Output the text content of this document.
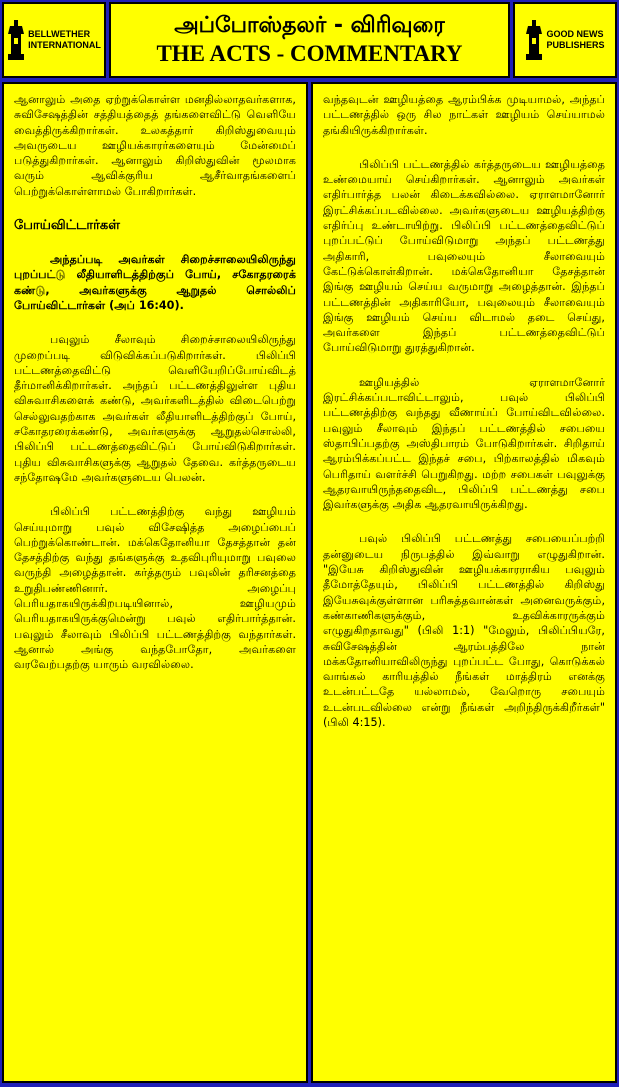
BELLWETHER
INTERNATIONAL
அப்போஸ்தலர் - விரிவுரை
THE ACTS - COMMENTARY
GOOD NEWS
PUBLISHERS

ஆனாலும் அதை ஏற்றுக்கொள்ள மனதில்லாதவர்களாக, சுவிசேஷத்தின் சத்தியத்தைத் தங்களைவிட்டு வெளியே வைத்திருக்கிறார்கள். உலகத்தார் கிறிஸ்துவையும் அவருடைய ஊழியக்காரர்களையும் மேன்மைப் படுத்துகிறார்கள். ஆனாலும் கிறிஸ்துவின் மூலமாக வரும் ஆவிக்குரிய ஆசீர்வாதங்களைப் பெற்றுக்கொள்ளாமல் போகிறார்கள்.

போய்விட்டார்கள்

அந்தப்படி அவர்கள் சிறைச்சாலையிலிருந்து புறப்பட்டு லீதியாளிடத்திற்குப் போய், சகோதரரைக் கண்டு, அவர்களுக்கு ஆறுதல் சொல்லிப் போய்விட்டார்கள் (அப் 16:40).

பவுலும் சீலாவும் சிறைச்சாலையிலிருந்து முறைப்படி விடுவிக்கப்படுகிறார்கள். பிலிப்பி பட்டணத்தைவிட்டு வெளியேறிப்போய்விடத் தீர்மானிக்கிறார்கள். அந்தப் பட்டணத்திலுள்ள புதிய விசுவாசிகளைக் கண்டு, அவர்களிடத்தில் விடைபெற்று செல்லுவதற்காக அவர்கள் லீதியாளிடத்திற்குப் போய், சகோதரரைக்கண்டு, அவர்களுக்கு ஆறுதல்சொல்லி, பிலிப்பி பட்டணத்தைவிட்டுப் போய்விடுகிறார்கள். புதிய விசுவாசிகளுக்கு ஆறுதல் தேவை. கர்த்தருடைய சந்தோஷமே அவர்களுடைய பெலன்.

பிலிப்பி பட்டணத்திற்கு வந்து ஊழியம் செய்யுமாறு பவுல் விசேஷித்த அழைப்பைப் பெற்றுக்கொண்டான். மக்கெதோனியா தேசத்தான் தன் தேசத்திற்கு வந்து தங்களுக்கு உதவிபுரியுமாறு பவுலை வருந்தி அழைத்தான். கர்த்தரும் பவுலின் தரிசனத்தை உறுதிபண்ணினார். அழைப்பு பெரியதாகயிருக்கிறபடியினால், ஊழியமும் பெரியதாகயிருக்குமென்று பவுல் எதிர்பார்த்தான். பவுலும் சீலாவும் பிலிப்பி பட்டணத்திற்கு வந்தார்கள். ஆனால் அங்கு வந்தபோதோ, அவர்களை வரவேற்பதற்கு யாரும் வரவில்லை.

வந்தவுடன் ஊழியத்தை ஆரம்பிக்க முடியாமல், அந்தப் பட்டணத்தில் ஒரு சில நாட்கள் ஊழியம் செய்யாமல் தங்கியிருக்கிறார்கள்.

பிலிப்பி பட்டணத்தில் கர்த்தருடைய ஊழியத்தை உண்மையாய் செய்கிறார்கள். ஆனாலும் அவர்கள் எதிர்பார்த்த பலன் கிடைக்கவில்லை. ஏராளமானோர் இரட்சிக்கப்படவில்லை. அவர்களுடைய ஊழியத்திற்கு எதிர்ப்பு உண்டாயிற்று. பிலிப்பி பட்டணத்தைவிட்டுப் புறப்பட்டுப் போய்விடுமாறு அந்தப் பட்டணத்து அதிகாரி, பவுலையும் சீலாவையும் கேட்டுக்கொள்கிறான். மக்கெதோனியா தேசத்தான் இங்கு ஊழியம் செய்ய வருமாறு அழைத்தான். இந்தப் பட்டணத்தின் அதிகாரியோ, பவுலையும் சீலாவையும் இங்கு ஊழியம் செய்ய விடாமல் தடை செய்து, அவர்களை இந்தப் பட்டணத்தைவிட்டுப் போய்விடுமாறு துரத்துகிறான்.

ஊழியத்தில் ஏராளமானோர் இரட்சிக்கப்படாவிட்டாலும், பவுல் பிலிப்பி பட்டணத்திற்கு வந்தது வீணாய்ப் போய்விடவில்லை. பவுலும் சீலாவும் இந்தப் பட்டணத்தில் சபையை ஸ்தாபிப்பதற்கு அஸ்திபாரம் போடுகிறார்கள். சிறிதாய் ஆரம்பிக்கப்பட்ட இந்தச் சபை, பிற்காலத்தில் மிகவும் பெரிதாய் வளர்ச்சி பெறுகிறது. மற்ற சபைகள் பவுலுக்கு ஆதரவாயிருந்ததைவிட, பிலிப்பி பட்டணத்து சபை இவர்களுக்கு அதிக ஆதரவாயிருக்கிறது.

பவுல் பிலிப்பி பட்டணத்து சபையைப்பற்றி தன்னுடைய நிருபத்தில் இவ்வாறு எழுதுகிறான். "இயேசு கிறிஸ்துவின் ஊழியக்காரராகிய பவுலும் தீமோத்தேயும், பிலிப்பி பட்டணத்தில் கிறிஸ்து இயேசுவுக்குள்ளான பரிசுத்தவான்கள் அனைவருக்கும், கண்காணிகளுக்கும், உதவிக்காரருக்கும் எழுதுகிறதாவது" (பிலி 1:1) "மேலும், பிலிப்பியரே, சுவிசேஷத்தின் ஆரம்பத்திலே நான் மக்கதோனியாவிலிருந்து புறப்பட்ட போது, கொடுக்கல் வாங்கல் காரியத்தில் நீங்கள் மாத்திரம் எனக்கு உடன்பட்டதே யல்லாமல், வேறொரு சபையும் உடன்படவில்லை என்று நீங்கள் அறிந்திருக்கிறீர்கள்" (பிலி 4:15).
